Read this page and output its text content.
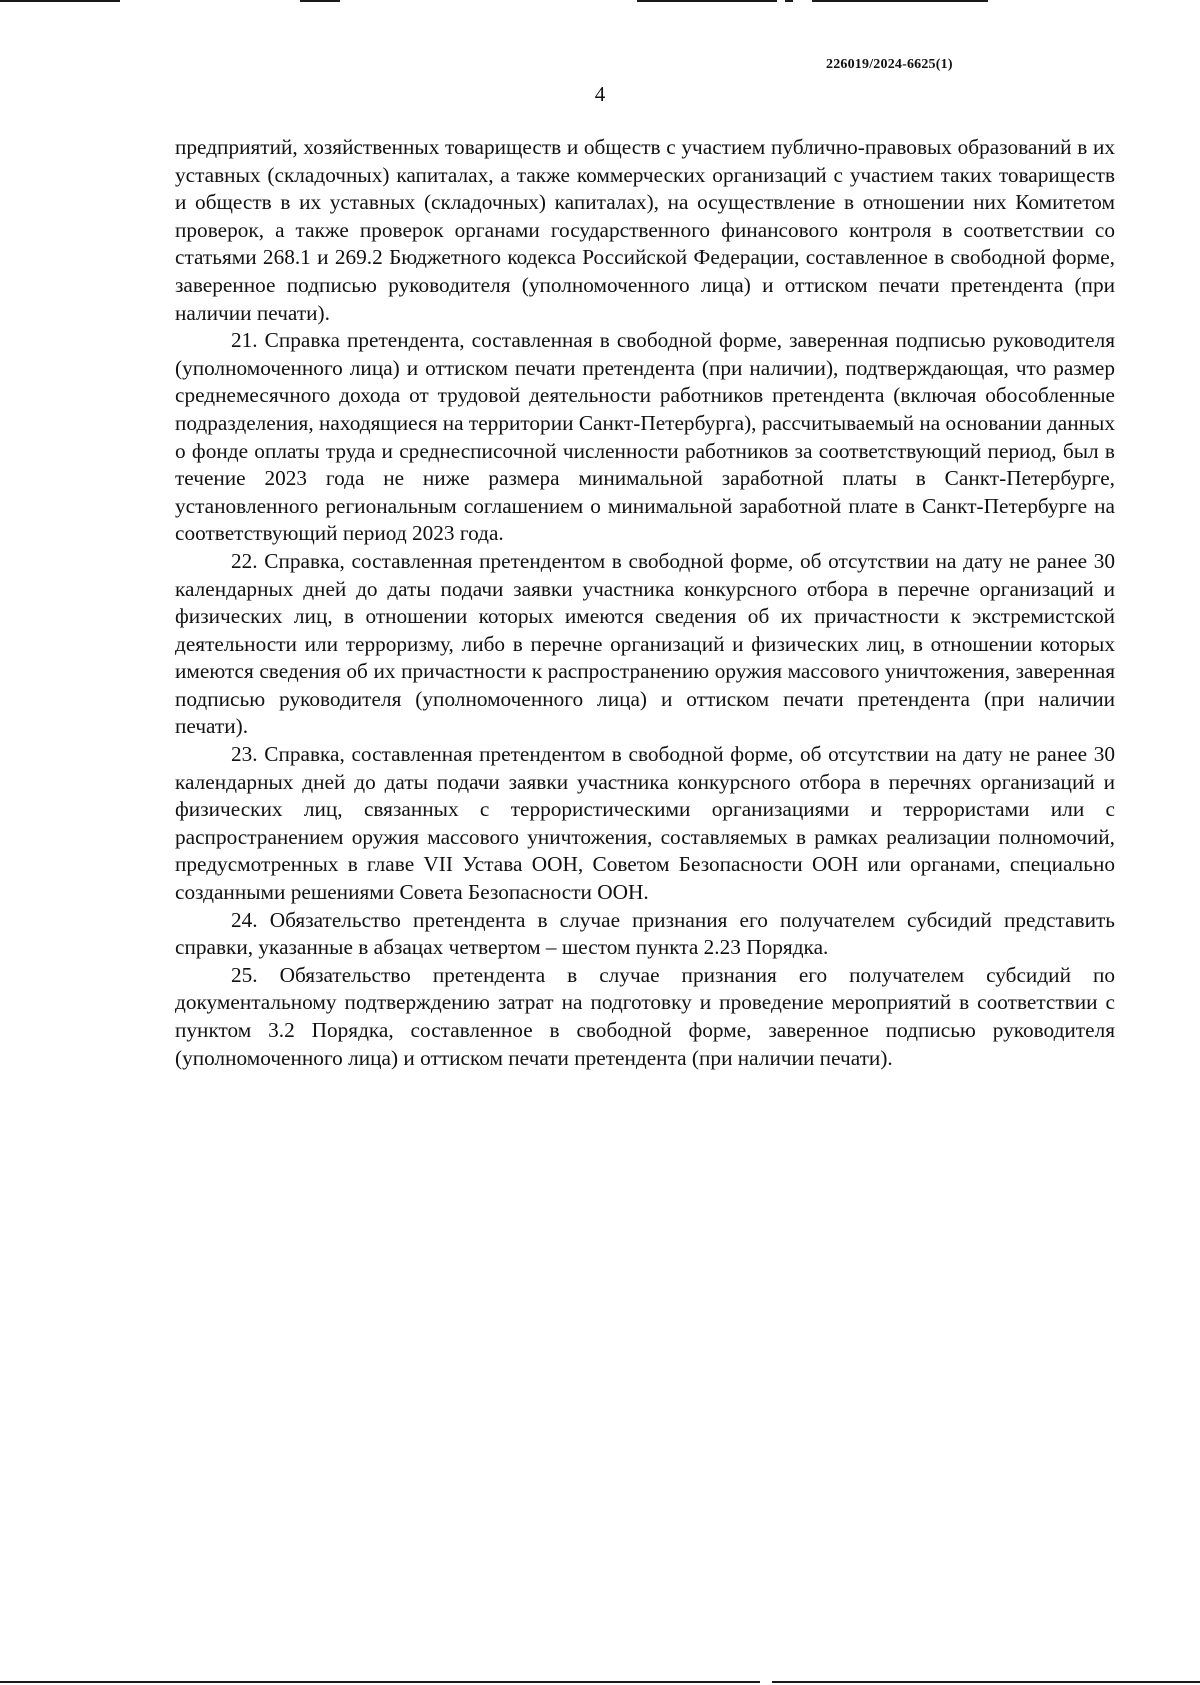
226019/2024-6625(1)
4

предприятий, хозяйственных товариществ и обществ с участием публично-правовых образований в их уставных (складочных) капиталах, а также коммерческих организаций с участием таких товариществ и обществ в их уставных (складочных) капиталах), на осуществление в отношении них Комитетом проверок, а также проверок органами государственного финансового контроля в соответствии со статьями 268.1 и 269.2 Бюджетного кодекса Российской Федерации, составленное в свободной форме, заверенное подписью руководителя (уполномоченного лица) и оттиском печати претендента (при наличии печати).

21. Справка претендента, составленная в свободной форме, заверенная подписью руководителя (уполномоченного лица) и оттиском печати претендента (при наличии), подтверждающая, что размер среднемесячного дохода от трудовой деятельности работников претендента (включая обособленные подразделения, находящиеся на территории Санкт-Петербурга), рассчитываемый на основании данных о фонде оплаты труда и среднесписочной численности работников за соответствующий период, был в течение 2023 года не ниже размера минимальной заработной платы в Санкт-Петербурге, установленного региональным соглашением о минимальной заработной плате в Санкт-Петербурге на соответствующий период 2023 года.

22. Справка, составленная претендентом в свободной форме, об отсутствии на дату не ранее 30 календарных дней до даты подачи заявки участника конкурсного отбора в перечне организаций и физических лиц, в отношении которых имеются сведения об их причастности к экстремистской деятельности или терроризму, либо в перечне организаций и физических лиц, в отношении которых имеются сведения об их причастности к распространению оружия массового уничтожения, заверенная подписью руководителя (уполномоченного лица) и оттиском печати претендента (при наличии печати).

23. Справка, составленная претендентом в свободной форме, об отсутствии на дату не ранее 30 календарных дней до даты подачи заявки участника конкурсного отбора в перечнях организаций и физических лиц, связанных с террористическими организациями и террористами или с распространением оружия массового уничтожения, составляемых в рамках реализации полномочий, предусмотренных в главе VII Устава ООН, Советом Безопасности ООН или органами, специально созданными решениями Совета Безопасности ООН.

24. Обязательство претендента в случае признания его получателем субсидий представить справки, указанные в абзацах четвертом – шестом пункта 2.23 Порядка.

25. Обязательство претендента в случае признания его получателем субсидий по документальному подтверждению затрат на подготовку и проведение мероприятий в соответствии с пунктом 3.2 Порядка, составленное в свободной форме, заверенное подписью руководителя (уполномоченного лица) и оттиском печати претендента (при наличии печати).
